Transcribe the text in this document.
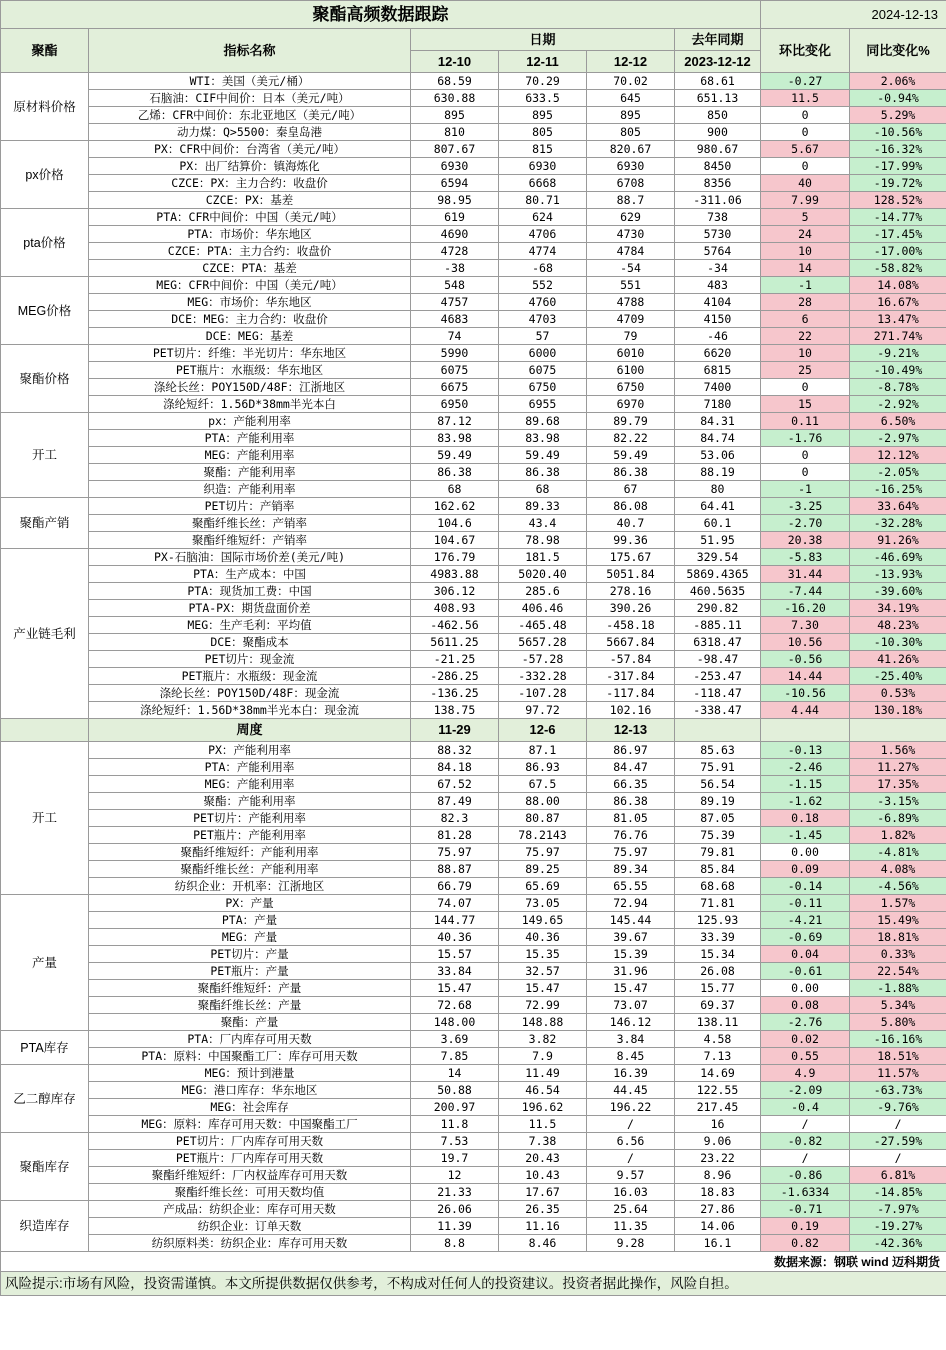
聚酯高频数据跟踪						2024-12-13	
聚酯	指标名称	日期			去年同期	环比变化	同比变化%
		12-10	12-11	12-12	2023-12-12		
原材料价格	WTI：美国（美元/桶）	68.59	70.29	70.02	68.61	-0.27	2.06%
	石脑油：CIF中间价：日本（美元/吨）	630.88	633.5	645	651.13	11.5	-0.94%
	乙烯：CFR中间价：东北亚地区（美元/吨）	895	895	895	850	0	5.29%
	动力煤：Q>5500：秦皇岛港	810	805	805	900	0	-10.56%
px价格	PX：CFR中间价：台湾省（美元/吨）	807.67	815	820.67	980.67	5.67	-16.32%
	PX：出厂结算价：镇海炼化	6930	6930	6930	8450	0	-17.99%
	CZCE：PX：主力合约：收盘价	6594	6668	6708	8356	40	-19.72%
	CZCE：PX：基差	98.95	80.71	88.7	-311.06	7.99	128.52%
pta价格	PTA：CFR中间价：中国（美元/吨）	619	624	629	738	5	-14.77%
	PTA：市场价：华东地区	4690	4706	4730	5730	24	-17.45%
	CZCE：PTA：主力合约：收盘价	4728	4774	4784	5764	10	-17.00%
	CZCE：PTA：基差	-38	-68	-54	-34	14	-58.82%
MEG价格	MEG：CFR中间价：中国（美元/吨）	548	552	551	483	-1	14.08%
	MEG：市场价：华东地区	4757	4760	4788	4104	28	16.67%
	DCE：MEG：主力合约：收盘价	4683	4703	4709	4150	6	13.47%
	DCE：MEG：基差	74	57	79	-46	22	271.74%
聚酯价格	PET切片：纤维：半光切片：华东地区	5990	6000	6010	6620	10	-9.21%
	PET瓶片：水瓶级：华东地区	6075	6075	6100	6815	25	-10.49%
	涤纶长丝：POY150D/48F：江浙地区	6675	6750	6750	7400	0	-8.78%
	涤纶短纤：1.56D*38mm半光本白	6950	6955	6970	7180	15	-2.92%
开工	px：产能利用率	87.12	89.68	89.79	84.31	0.11	6.50%
	PTA：产能利用率	83.98	83.98	82.22	84.74	-1.76	-2.97%
	MEG：产能利用率	59.49	59.49	59.49	53.06	0	12.12%
	聚酯：产能利用率	86.38	86.38	86.38	88.19	0	-2.05%
	织造：产能利用率	68	68	67	80	-1	-16.25%
聚酯产销	PET切片：产销率	162.62	89.33	86.08	64.41	-3.25	33.64%
	聚酯纤维长丝：产销率	104.6	43.4	40.7	60.1	-2.70	-32.28%
	聚酯纤维短纤：产销率	104.67	78.98	99.36	51.95	20.38	91.26%
产业链毛利	PX-石脑油：国际市场价差(美元/吨)	176.79	181.5	175.67	329.54	-5.83	-46.69%
	PTA：生产成本：中国	4983.88	5020.40	5051.84	5869.4365	31.44	-13.93%
	PTA：现货加工费：中国	306.12	285.6	278.16	460.5635	-7.44	-39.60%
	PTA-PX：期货盘面价差	408.93	406.46	390.26	290.82	-16.20	34.19%
	MEG：生产毛利：平均值	-462.56	-465.48	-458.18	-885.11	7.30	48.23%
	DCE：聚酯成本	5611.25	5657.28	5667.84	6318.47	10.56	-10.30%
	PET切片：现金流	-21.25	-57.28	-57.84	-98.47	-0.56	41.26%
	PET瓶片：水瓶级：现金流	-286.25	-332.28	-317.84	-253.47	14.44	-25.40%
	涤纶长丝：POY150D/48F：现金流	-136.25	-107.28	-117.84	-118.47	-10.56	0.53%
	涤纶短纤：1.56D*38mm半光本白：现金流	138.75	97.72	102.16	-338.47	4.44	130.18%
	周度	11-29	12-6	12-13			
开工	PX：产能利用率	88.32	87.1	86.97	85.63	-0.13	1.56%
	PTA：产能利用率	84.18	86.93	84.47	75.91	-2.46	11.27%
	MEG：产能利用率	67.52	67.5	66.35	56.54	-1.15	17.35%
	聚酯：产能利用率	87.49	88.00	86.38	89.19	-1.62	-3.15%
	PET切片：产能利用率	82.3	80.87	81.05	87.05	0.18	-6.89%
	PET瓶片：产能利用率	81.28	78.2143	76.76	75.39	-1.45	1.82%
	聚酯纤维短纤：产能利用率	75.97	75.97	75.97	79.81	0.00	-4.81%
	聚酯纤维长丝：产能利用率	88.87	89.25	89.34	85.84	0.09	4.08%
	纺织企业：开机率：江浙地区	66.79	65.69	65.55	68.68	-0.14	-4.56%
产量	PX：产量	74.07	73.05	72.94	71.81	-0.11	1.57%
	PTA：产量	144.77	149.65	145.44	125.93	-4.21	15.49%
	MEG：产量	40.36	40.36	39.67	33.39	-0.69	18.81%
	PET切片：产量	15.57	15.35	15.39	15.34	0.04	0.33%
	PET瓶片：产量	33.84	32.57	31.96	26.08	-0.61	22.54%
	聚酯纤维短纤：产量	15.47	15.47	15.47	15.77	0.00	-1.88%
	聚酯纤维长丝：产量	72.68	72.99	73.07	69.37	0.08	5.34%
	聚酯：产量	148.00	148.88	146.12	138.11	-2.76	5.80%
PTA库存	PTA：厂内库存可用天数	3.69	3.82	3.84	4.58	0.02	-16.16%
	PTA：原料：中国聚酯工厂：库存可用天数	7.85	7.9	8.45	7.13	0.55	18.51%
乙二醇库存	MEG：预计到港量	14	11.49	16.39	14.69	4.9	11.57%
	MEG：港口库存：华东地区	50.88	46.54	44.45	122.55	-2.09	-63.73%
	MEG：社会库存	200.97	196.62	196.22	217.45	-0.4	-9.76%
	MEG：原料：库存可用天数：中国聚酯工厂	11.8	11.5	/	16	/	/
聚酯库存	PET切片：厂内库存可用天数	7.53	7.38	6.56	9.06	-0.82	-27.59%
	PET瓶片：厂内库存可用天数	19.7	20.43	/	23.22	/	/
	聚酯纤维短纤：厂内权益库存可用天数	12	10.43	9.57	8.96	-0.86	6.81%
	聚酯纤维长丝：可用天数均值	21.33	17.67	16.03	18.83	-1.6334	-14.85%
织造库存	产成品：纺织企业：库存可用天数	26.06	26.35	25.64	27.86	-0.71	-7.97%
	纺织企业：订单天数	11.39	11.16	11.35	14.06	0.19	-19.27%
	纺织原料类：纺织企业：库存可用天数	8.8	8.46	9.28	16.1	0.82	-42.36%
数据来源：钢联 wind 迈科期货							
风险提示:市场有风险，投资需谨慎。本文所提供数据仅供参考，不构成对任何人的投资建议。投资者据此操作，风险自担。							
